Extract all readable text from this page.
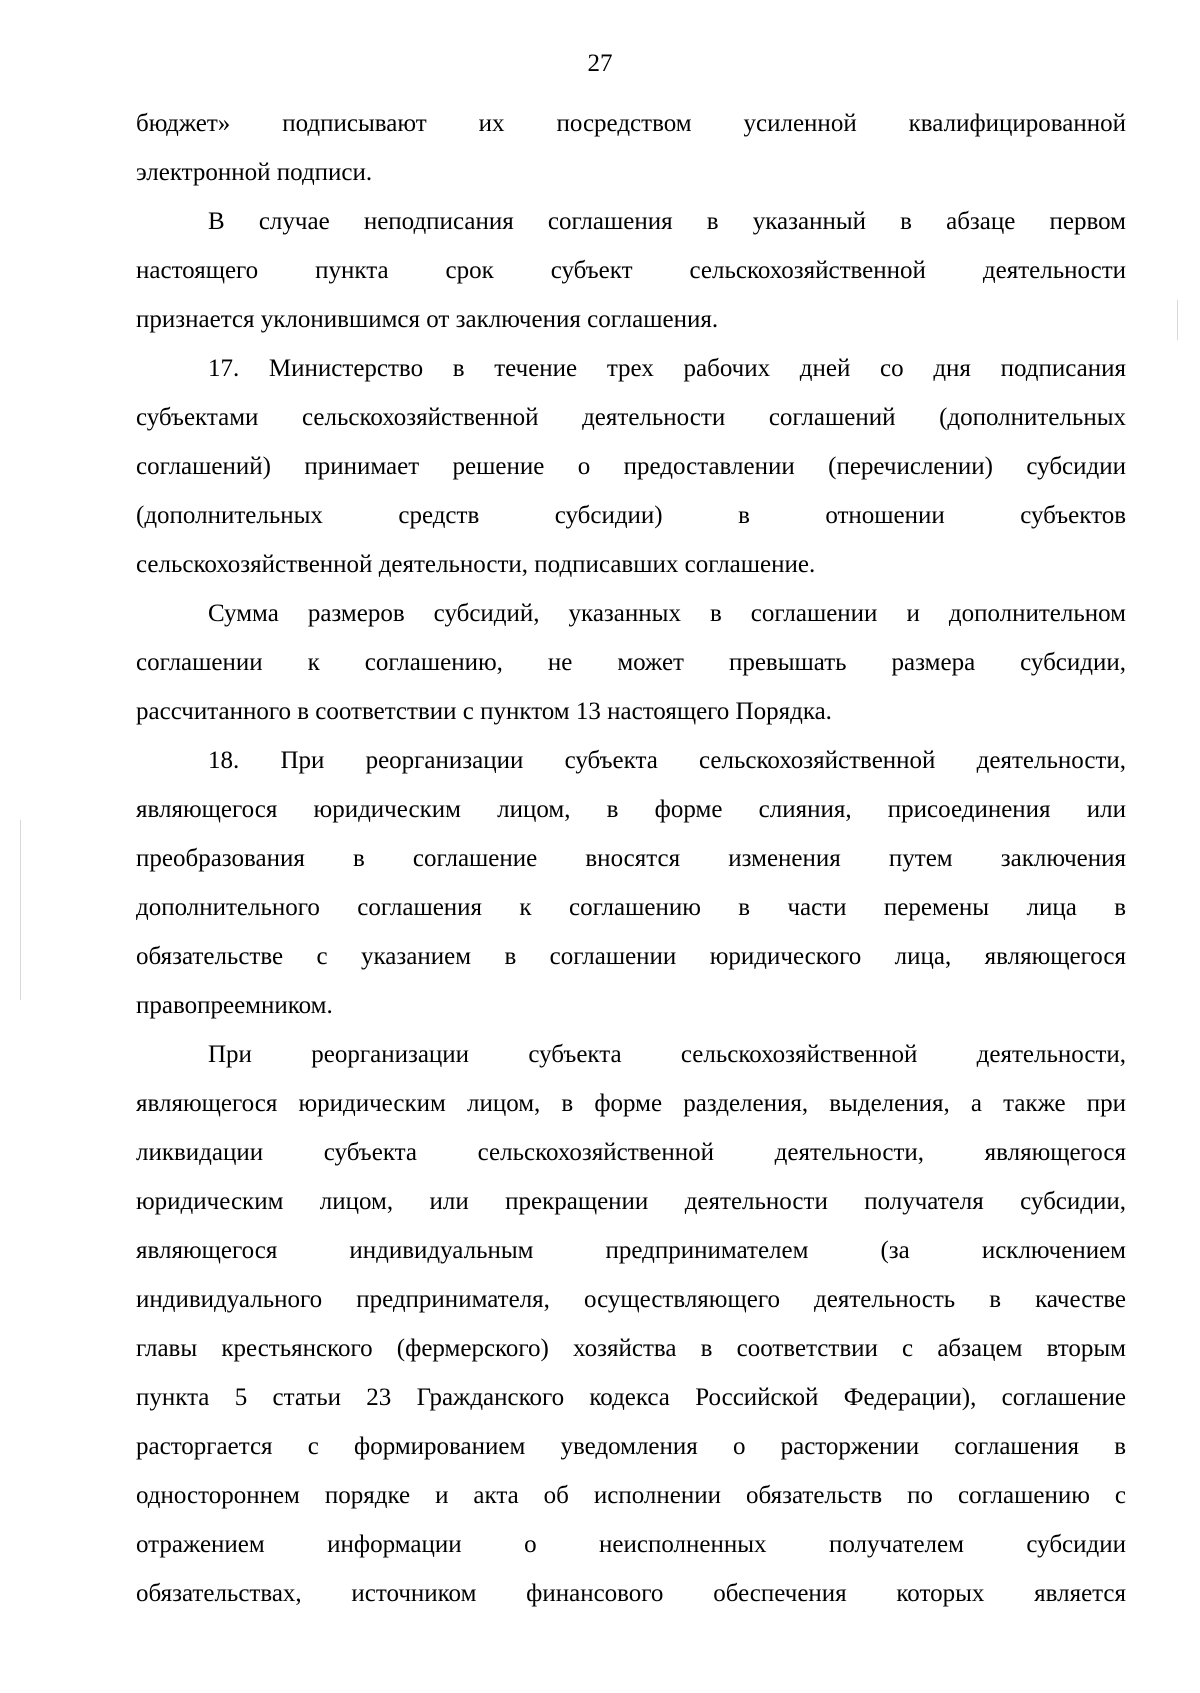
27
бюджет» подписывают их посредством усиленной квалифицированной
электронной подписи.
В случае неподписания соглашения в указанный в абзаце первом
настоящего пункта срок субъект сельскохозяйственной деятельности
признается уклонившимся от заключения соглашения.
17. Министерство в течение трех рабочих дней со дня подписания
субъектами сельскохозяйственной деятельности соглашений (дополнительных
соглашений) принимает решение о предоставлении (перечислении) субсидии
(дополнительных средств субсидии) в отношении субъектов
сельскохозяйственной деятельности, подписавших соглашение.
Сумма размеров субсидий, указанных в соглашении и дополнительном
соглашении к соглашению, не может превышать размера субсидии,
рассчитанного в соответствии с пунктом 13 настоящего Порядка.
18. При реорганизации субъекта сельскохозяйственной деятельности,
являющегося юридическим лицом, в форме слияния, присоединения или
преобразования в соглашение вносятся изменения путем заключения
дополнительного соглашения к соглашению в части перемены лица в
обязательстве с указанием в соглашении юридического лица, являющегося
правопреемником.
При реорганизации субъекта сельскохозяйственной деятельности,
являющегося юридическим лицом, в форме разделения, выделения, а также при
ликвидации субъекта сельскохозяйственной деятельности, являющегося
юридическим лицом, или прекращении деятельности получателя субсидии,
являющегося индивидуальным предпринимателем (за исключением
индивидуального предпринимателя, осуществляющего деятельность в качестве
главы крестьянского (фермерского) хозяйства в соответствии с абзацем вторым
пункта 5 статьи 23 Гражданского кодекса Российской Федерации), соглашение
расторгается с формированием уведомления о расторжении соглашения в
одностороннем порядке и акта об исполнении обязательств по соглашению с
отражением информации о неисполненных получателем субсидии
обязательствах, источником финансового обеспечения которых является
